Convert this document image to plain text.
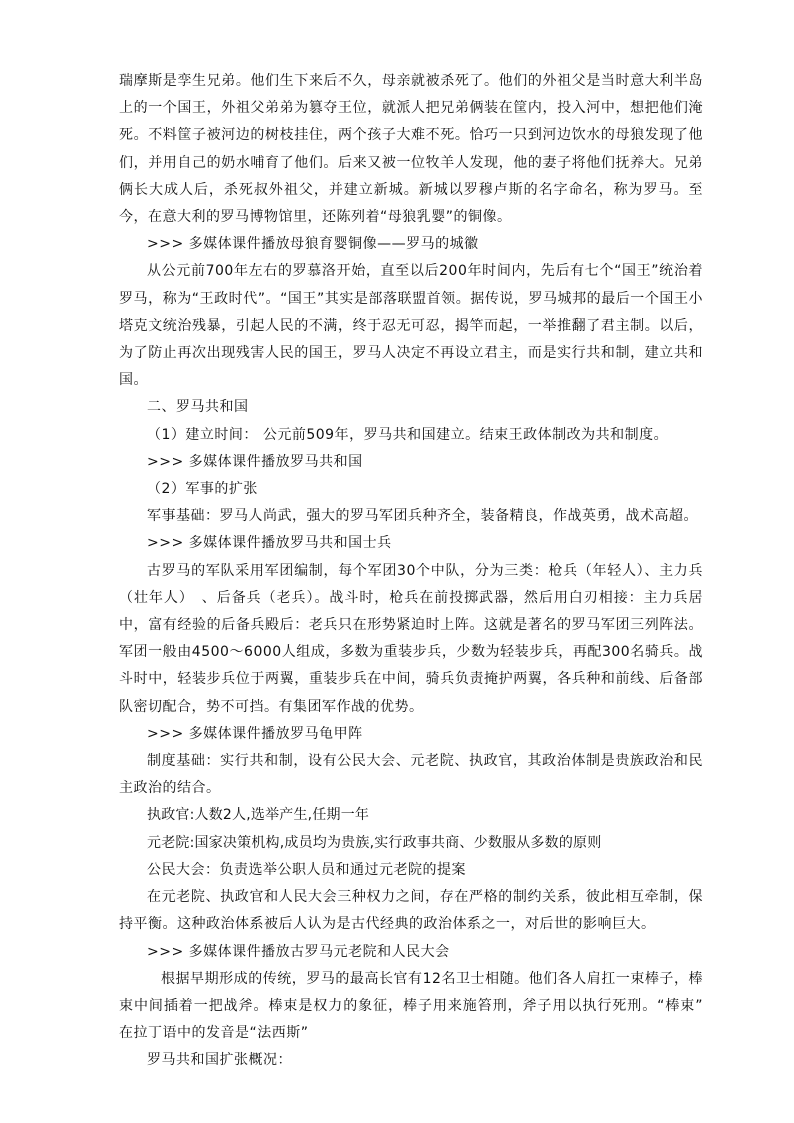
瑞摩斯是孪生兄弟。他们生下来后不久，母亲就被杀死了。他们的外祖父是当时意大利半岛上的一个国王，外祖父弟弟为篡夺王位，就派人把兄弟俩装在筐内，投入河中，想把他们淹死。不料筐子被河边的树枝挂住，两个孩子大难不死。恰巧一只到河边饮水的母狼发现了他们，并用自己的奶水哺育了他们。后来又被一位牧羊人发现，他的妻子将他们抚养大。兄弟俩长大成人后，杀死叔外祖父，并建立新城。新城以罗穆卢斯的名字命名，称为罗马。至今，在意大利的罗马博物馆里，还陈列着“母狼乳婴”的铜像。

>>> 多媒体课件播放母狼育婴铜像——罗马的城徽

从公元前700年左右的罗慕洛开始，直至以后200年时间内，先后有七个“国王”统治着罗马，称为“王政时代”。“国王”其实是部落联盟首领。据传说，罗马城邦的最后一个国王小塔克文统治残暴，引起人民的不满，终于忍无可忍，揭竿而起，一举推翻了君主制。以后，为了防止再次出现残害人民的国王，罗马人决定不再设立君主，而是实行共和制，建立共和国。

二、罗马共和国

（1）建立时间： 公元前509年，罗马共和国建立。结束王政体制改为共和制度。

>>> 多媒体课件播放罗马共和国

（2）军事的扩张

军事基础：罗马人尚武，强大的罗马军团兵种齐全，装备精良，作战英勇，战术高超。

>>> 多媒体课件播放罗马共和国士兵

古罗马的军队采用军团编制，每个军团30个中队，分为三类：枪兵（年轻人）、主力兵（壮年人）　、后备兵（老兵）。战斗时，枪兵在前投掷武器，然后用白刃相接：主力兵居中，富有经验的后备兵殿后：老兵只在形势紧迫时上阵。这就是著名的罗马军团三列阵法。军团一般由4500～6000人组成，多数为重装步兵，少数为轻装步兵，再配300名骑兵。战斗时中，轻装步兵位于两翼，重装步兵在中间，骑兵负责掩护两翼，各兵种和前线、后备部队密切配合，势不可挡。有集团军作战的优势。

>>> 多媒体课件播放罗马龟甲阵

制度基础：实行共和制，设有公民大会、元老院、执政官，其政治体制是贵族政治和民主政治的结合。

执政官:人数2人,选举产生,任期一年

元老院:国家决策机构,成员均为贵族,实行政事共商、少数服从多数的原则

公民大会：负责选举公职人员和通过元老院的提案

在元老院、执政官和人民大会三种权力之间，存在严格的制约关系，彼此相互牵制，保持平衡。这种政治体系被后人认为是古代经典的政治体系之一，对后世的影响巨大。

>>> 多媒体课件播放古罗马元老院和人民大会

根据早期形成的传统，罗马的最高长官有12名卫士相随。他们各人肩扛一束棒子，棒束中间插着一把战斧。棒束是权力的象征，棒子用来施笞刑，斧子用以执行死刑。“棒束” 在拉丁语中的发音是“法西斯”

罗马共和国扩张概况：
